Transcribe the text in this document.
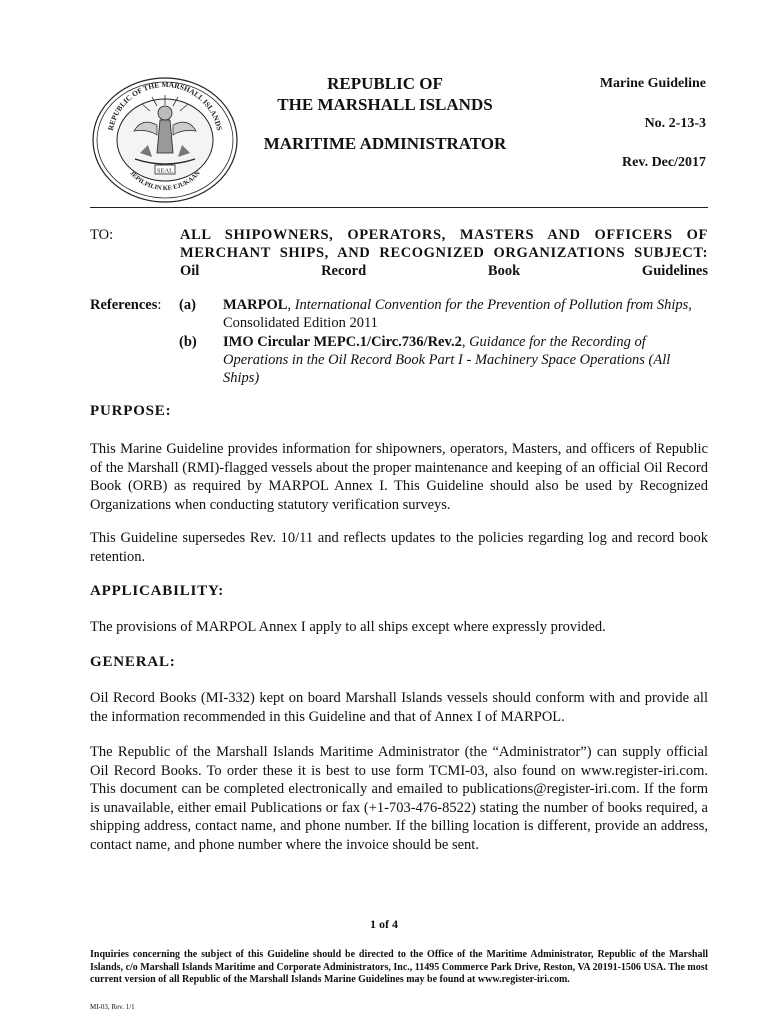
REPUBLIC OF THE MARSHALL ISLANDS
JEPILPILIN KE EJUKAAN
SEAL
REPUBLIC OF
THE MARSHALL ISLANDS
MARITIME ADMINISTRATOR
Marine Guideline
No. 2-13-3
Rev. Dec/2017
TO:	ALL SHIPOWNERS, OPERATORS, MASTERS AND OFFICERS OF
MERCHANT SHIPS, AND RECOGNIZED ORGANIZATIONS SUBJECT:
Oil Record Book Guidelines
References: (a) MARPOL, International Convention for the Prevention of Pollution from Ships, Consolidated Edition 2011
(b) IMO Circular MEPC.1/Circ.736/Rev.2, Guidance for the Recording of Operations in the Oil Record Book Part I - Machinery Space Operations (All Ships)
PURPOSE:
This Marine Guideline provides information for shipowners, operators, Masters, and officers of Republic of the Marshall (RMI)-flagged vessels about the proper maintenance and keeping of an official Oil Record Book (ORB) as required by MARPOL Annex I. This Guideline should also be used by Recognized Organizations when conducting statutory verification surveys.
This Guideline supersedes Rev. 10/11 and reflects updates to the policies regarding log and record book retention.
APPLICABILITY:
The provisions of MARPOL Annex I apply to all ships except where expressly provided.
GENERAL:
Oil Record Books (MI-332) kept on board Marshall Islands vessels should conform with and provide all the information recommended in this Guideline and that of Annex I of MARPOL.
The Republic of the Marshall Islands Maritime Administrator (the “Administrator”) can supply official Oil Record Books. To order these it is best to use form TCMI-03, also found on www.register-iri.com. This document can be completed electronically and emailed to publications@register-iri.com. If the form is unavailable, either email Publications or fax (+1-703-476-8522) stating the number of books required, a shipping address, contact name, and phone number. If the billing location is different, provide an address, contact name, and phone number where the invoice should be sent.
1 of 4
Inquiries concerning the subject of this Guideline should be directed to the Office of the Maritime Administrator, Republic of the Marshall Islands, c/o Marshall Islands Maritime and Corporate Administrators, Inc., 11495 Commerce Park Drive, Reston, VA 20191-1506 USA. The most current version of all Republic of the Marshall Islands Marine Guidelines may be found at www.register-iri.com.
MI-03, Rev. 1/1
